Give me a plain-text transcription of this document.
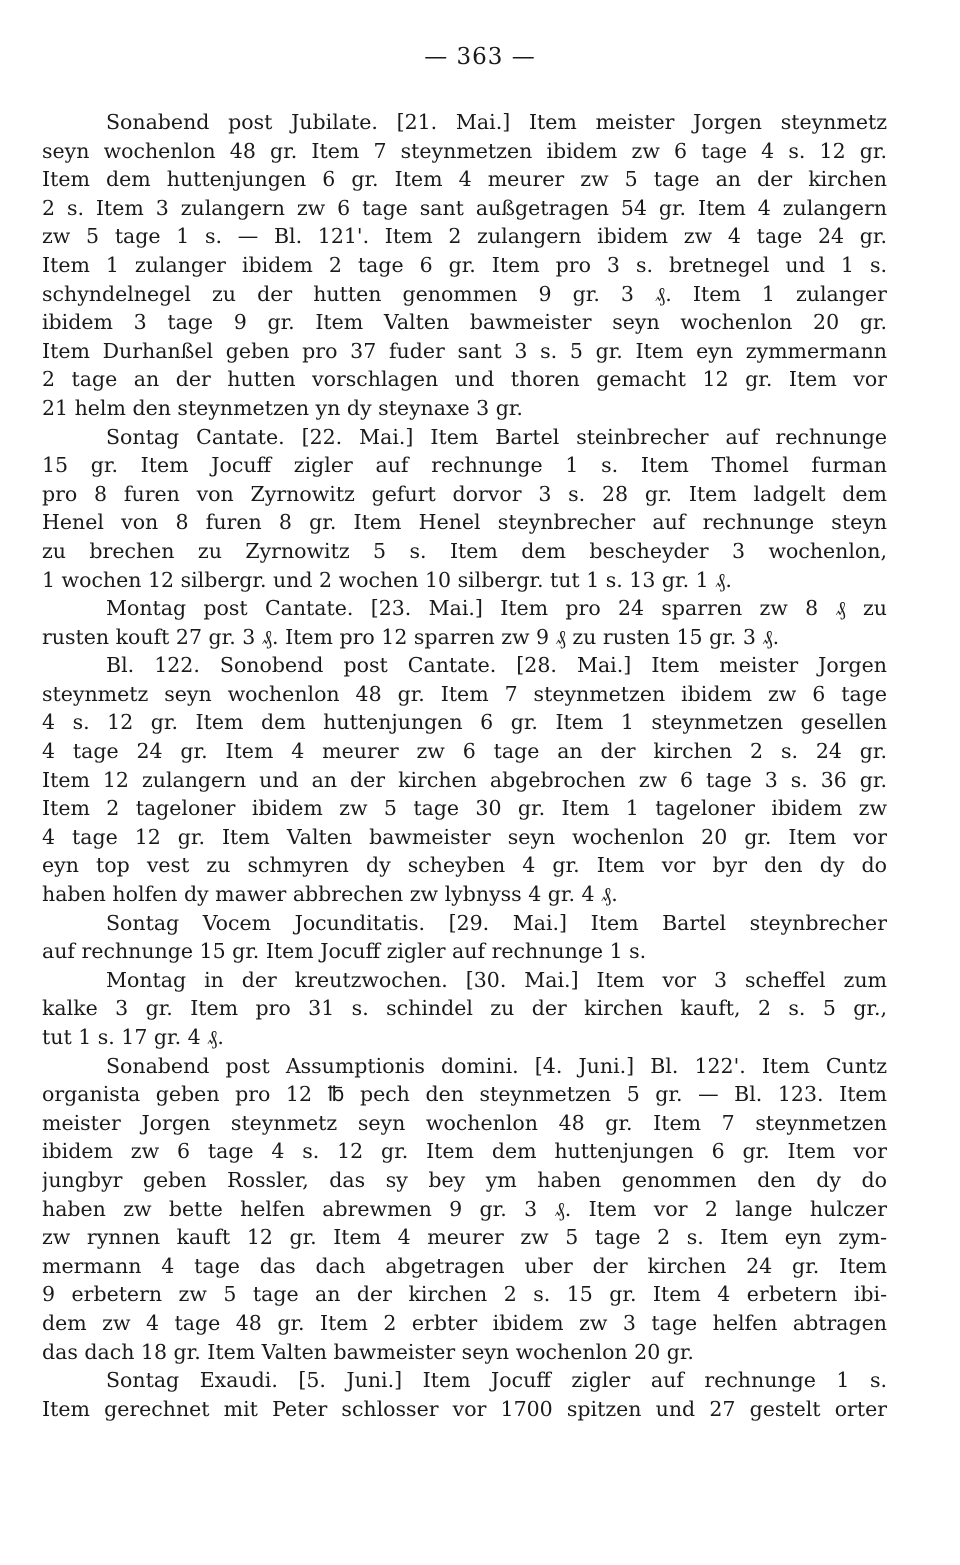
— 363 —
Sonabend post Jubilate. [21. Mai.] Item meister Jorgen steynmetz
seyn wochenlon 48 gr. Item 7 steynmetzen ibidem zw 6 tage 4 s. 12 gr.
Item dem huttenjungen 6 gr. Item 4 meurer zw 5 tage an der kirchen
2 s. Item 3 zulangern zw 6 tage sant außgetragen 54 gr. Item 4 zulangern
zw 5 tage 1 s. — Bl. 121'. Item 2 zulangern ibidem zw 4 tage 24 gr.
Item 1 zulanger ibidem 2 tage 6 gr. Item pro 3 s. bretnegel und 1 s.
schyndelnegel zu der hutten genommen 9 gr. 3 ₰. Item 1 zulanger
ibidem 3 tage 9 gr. Item Valten bawmeister seyn wochenlon 20 gr.
Item Durhanßel geben pro 37 fuder sant 3 s. 5 gr. Item eyn zymmermann
2 tage an der hutten vorschlagen und thoren gemacht 12 gr. Item vor
21 helm den steynmetzen yn dy steynaxe 3 gr.
Sontag Cantate. [22. Mai.] Item Bartel steinbrecher auf rechnunge
15 gr. Item Jocuff zigler auf rechnunge 1 s. Item Thomel furman
pro 8 furen von Zyrnowitz gefurt dorvor 3 s. 28 gr. Item ladgelt dem
Henel von 8 furen 8 gr. Item Henel steynbrecher auf rechnunge steyn
zu brechen zu Zyrnowitz 5 s. Item dem bescheyder 3 wochenlon,
1 wochen 12 silbergr. und 2 wochen 10 silbergr. tut 1 s. 13 gr. 1 ₰.
Montag post Cantate. [23. Mai.] Item pro 24 sparren zw 8 ₰ zu
rusten kouft 27 gr. 3 ₰. Item pro 12 sparren zw 9 ₰ zu rusten 15 gr. 3 ₰.
Bl. 122. Sonobend post Cantate. [28. Mai.] Item meister Jorgen
steynmetz seyn wochenlon 48 gr. Item 7 steynmetzen ibidem zw 6 tage
4 s. 12 gr. Item dem huttenjungen 6 gr. Item 1 steynmetzen gesellen
4 tage 24 gr. Item 4 meurer zw 6 tage an der kirchen 2 s. 24 gr.
Item 12 zulangern und an der kirchen abgebrochen zw 6 tage 3 s. 36 gr.
Item 2 tageloner ibidem zw 5 tage 30 gr. Item 1 tageloner ibidem zw
4 tage 12 gr. Item Valten bawmeister seyn wochenlon 20 gr. Item vor
eyn top vest zu schmyren dy scheyben 4 gr. Item vor byr den dy do
haben holfen dy mawer abbrechen zw lybnyss 4 gr. 4 ₰.
Sontag Vocem Jocunditatis. [29. Mai.] Item Bartel steynbrecher
auf rechnunge 15 gr. Item Jocuff zigler auf rechnunge 1 s.
Montag in der kreutzwochen. [30. Mai.] Item vor 3 scheffel zum
kalke 3 gr. Item pro 31 s. schindel zu der kirchen kauft, 2 s. 5 gr.,
tut 1 s. 17 gr. 4 ₰.
Sonabend post Assumptionis domini. [4. Juni.] Bl. 122'. Item Cuntz
organista geben pro 12 ℔ pech den steynmetzen 5 gr. — Bl. 123. Item
meister Jorgen steynmetz seyn wochenlon 48 gr. Item 7 steynmetzen
ibidem zw 6 tage 4 s. 12 gr. Item dem huttenjungen 6 gr. Item vor
jungbyr geben Rossler, das sy bey ym haben genommen den dy do
haben zw bette helfen abrewmen 9 gr. 3 ₰. Item vor 2 lange hulczer
zw rynnen kauft 12 gr. Item 4 meurer zw 5 tage 2 s. Item eyn zym-
mermann 4 tage das dach abgetragen uber der kirchen 24 gr. Item
9 erbetern zw 5 tage an der kirchen 2 s. 15 gr. Item 4 erbetern ibi-
dem zw 4 tage 48 gr. Item 2 erbter ibidem zw 3 tage helfen abtragen
das dach 18 gr. Item Valten bawmeister seyn wochenlon 20 gr.
Sontag Exaudi. [5. Juni.] Item Jocuff zigler auf rechnunge 1 s.
Item gerechnet mit Peter schlosser vor 1700 spitzen und 27 gestelt orter
